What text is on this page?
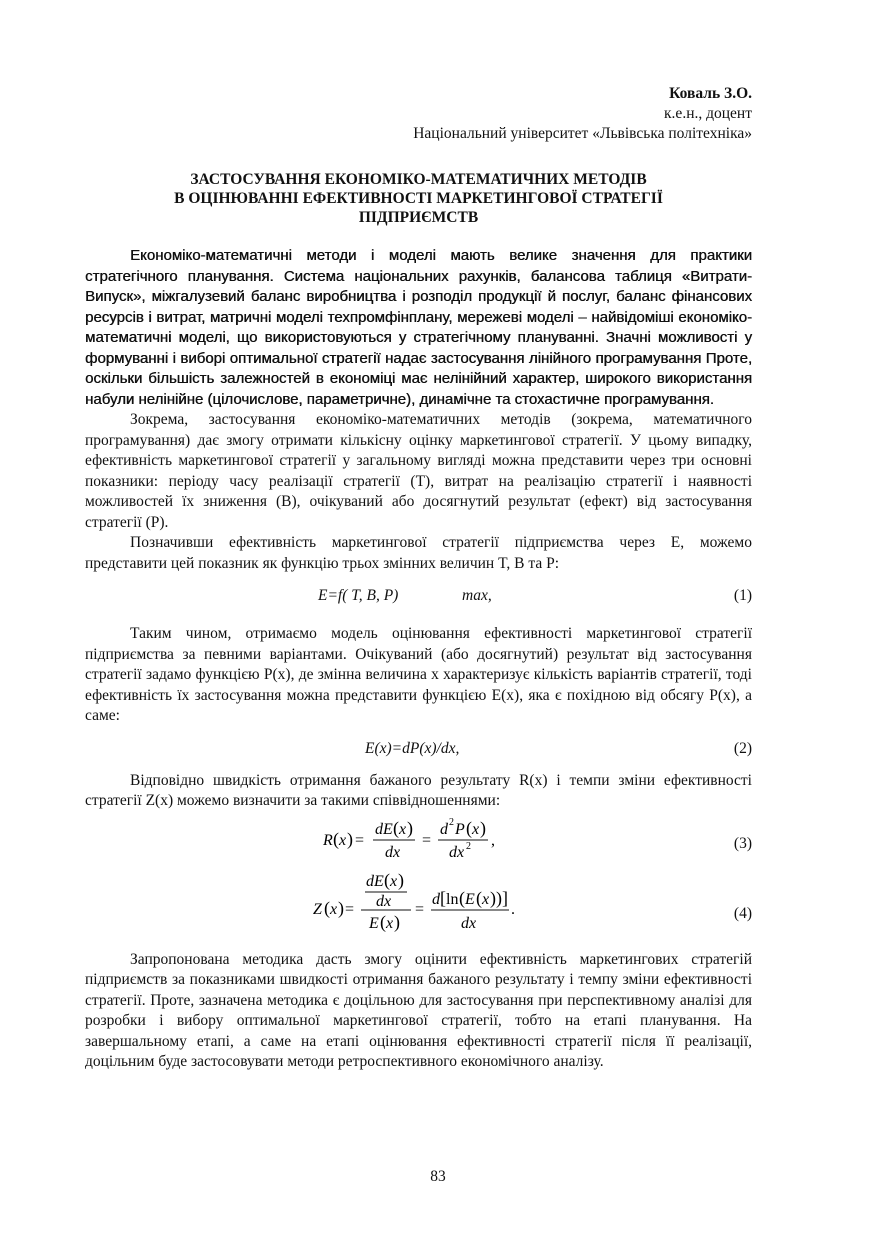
Коваль З.О.
к.е.н., доцент
Національний університет «Львівська політехніка»
ЗАСТОСУВАННЯ ЕКОНОМІКО-МАТЕМАТИЧНИХ МЕТОДІВ
В ОЦІНЮВАННІ ЕФЕКТИВНОСТІ МАРКЕТИНГОВОЇ СТРАТЕГІЇ
ПІДПРИЄМСТВ

Економіко-математичні методи і моделі мають велике значення для практики стратегічного планування. Система національних рахунків, балансова таблиця «Витрати-Випуск», міжгалузевий баланс виробництва і розподіл продукції й послуг, баланс фінансових ресурсів і витрат, матричні моделі техпромфінплану, мережеві моделі – найвідоміші економіко-математичні моделі, що використовуються у стратегічному плануванні. Значні можливості у формуванні і виборі оптимальної стратегії надає застосування лінійного програмування Проте, оскільки більшість залежностей в економіці має нелінійний характер, широкого використання набули нелінійне (цілочислове, параметричне), динамічне та стохастичне програмування.

Зокрема, застосування економіко-математичних методів (зокрема, математичного програмування) дає змогу отримати кількісну оцінку маркетингової стратегії. У цьому випадку, ефективність маркетингової стратегії у загальному вигляді можна представити через три основні показники: періоду часу реалізації стратегії (T), витрат на реалізацію стратегії і наявності можливостей їх зниження (B), очікуваний або досягнутий результат (ефект) від застосування стратегії (P).

Позначивши ефективність маркетингової стратегії підприємства через E, можемо представити цей показник як функцію трьох змінних величин T, B та P:

E=f( T, B, P)	max,	(1)

Таким чином, отримаємо модель оцінювання ефективності маркетингової стратегії підприємства за певними варіантами. Очікуваний (або досягнутий) результат від застосування стратегії задамо функцією P(x), де змінна величина x характеризує кількість варіантів стратегії, тоді ефективність їх застосування можна представити функцією E(x), яка є похідною від обсягу P(x), а саме:

E(x)=dP(x)/dx,	(2)

Відповідно швидкість отримання бажаного результату R(x) і темпи зміни ефективності стратегії Z(x) можемо визначити за такими співвідношеннями:

R ( x ) =
dE ( x )
dx
=
d 2 P ( x )
dx 2 ,	(3)
Z ( x ) =
dE ( x )
dx
E ( x )
=
d [ ln ( E ( x ))]
dx
.	(4)

Запропонована методика дасть змогу оцінити ефективність маркетингових стратегій підприємств за показниками швидкості отримання бажаного результату і темпу зміни ефективності стратегії. Проте, зазначена методика є доцільною для застосування при перспективному аналізі для розробки і вибору оптимальної маркетингової стратегії, тобто на етапі планування. На завершальному етапі, а саме на етапі оцінювання ефективності стратегії після її реалізації, доцільним буде застосовувати методи ретроспективного економічного аналізу.

83
